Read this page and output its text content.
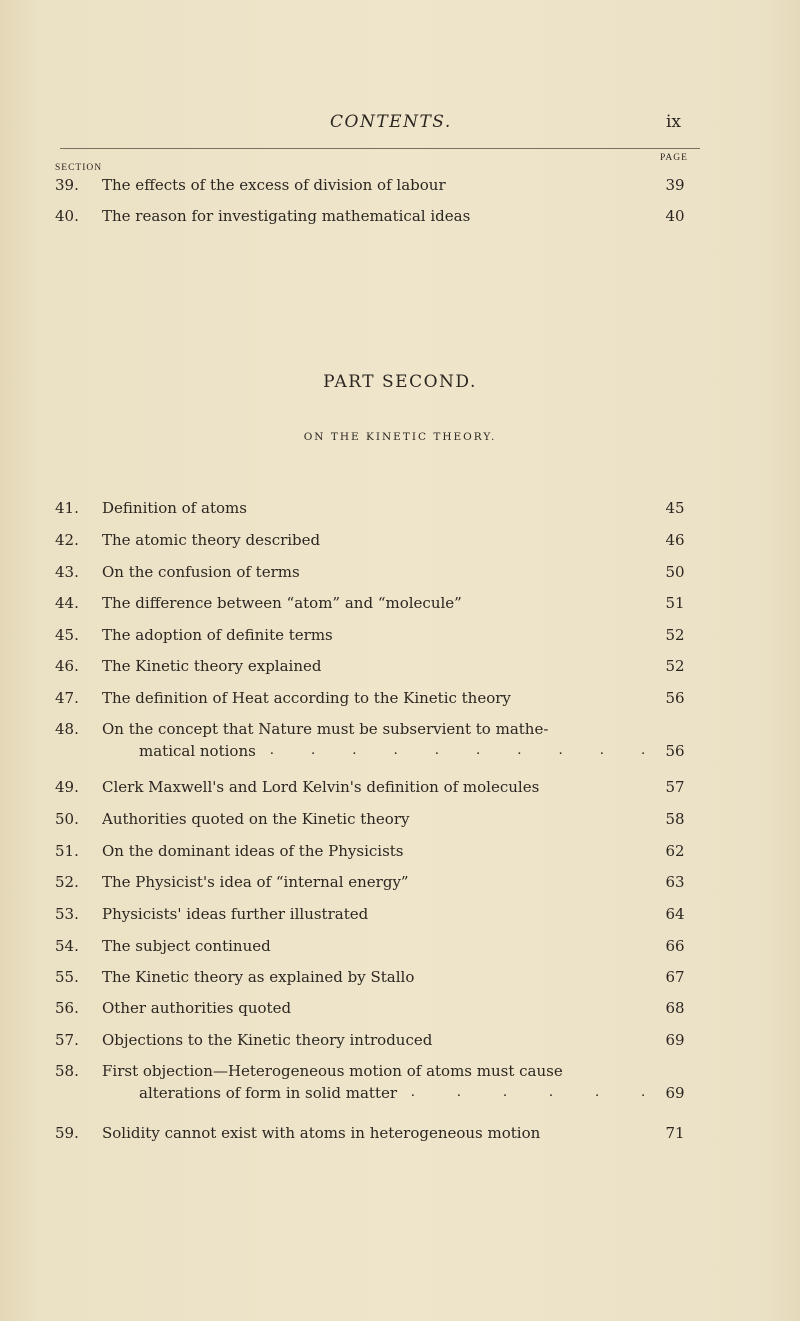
CONTENTS.	ix
SECTION
PAGE
PART SECOND.
ON THE KINETIC THEORY.
39. The effects of the excess of division of labour	39
40. The reason for investigating mathematical ideas	40
41. Definition of atoms	45
42. The atomic theory described	46
43. On the confusion of terms	50
44. The difference between “atom” and “molecule”	51
45. The adoption of definite terms	52
46. The Kinetic theory explained	52
47. The definition of Heat according to the Kinetic theory	56
48. On the concept that Nature must be subservient to mathe-
matical notions	56
.	.	.	.	.	.	.	.	.	.
49. Clerk Maxwell's and Lord Kelvin's definition of molecules	57
50. Authorities quoted on the Kinetic theory	58
51. On the dominant ideas of the Physicists	62
52. The Physicist's idea of “internal energy”	63
53. Physicists' ideas further illustrated	64
54. The subject continued	66
55. The Kinetic theory as explained by Stallo	67
56. Other authorities quoted	68
57. Objections to the Kinetic theory introduced	69
58. First objection—Heterogeneous motion of atoms must cause
alterations of form in solid matter	69
.	.	.	.	.	.
59. Solidity cannot exist with atoms in heterogeneous motion	71
